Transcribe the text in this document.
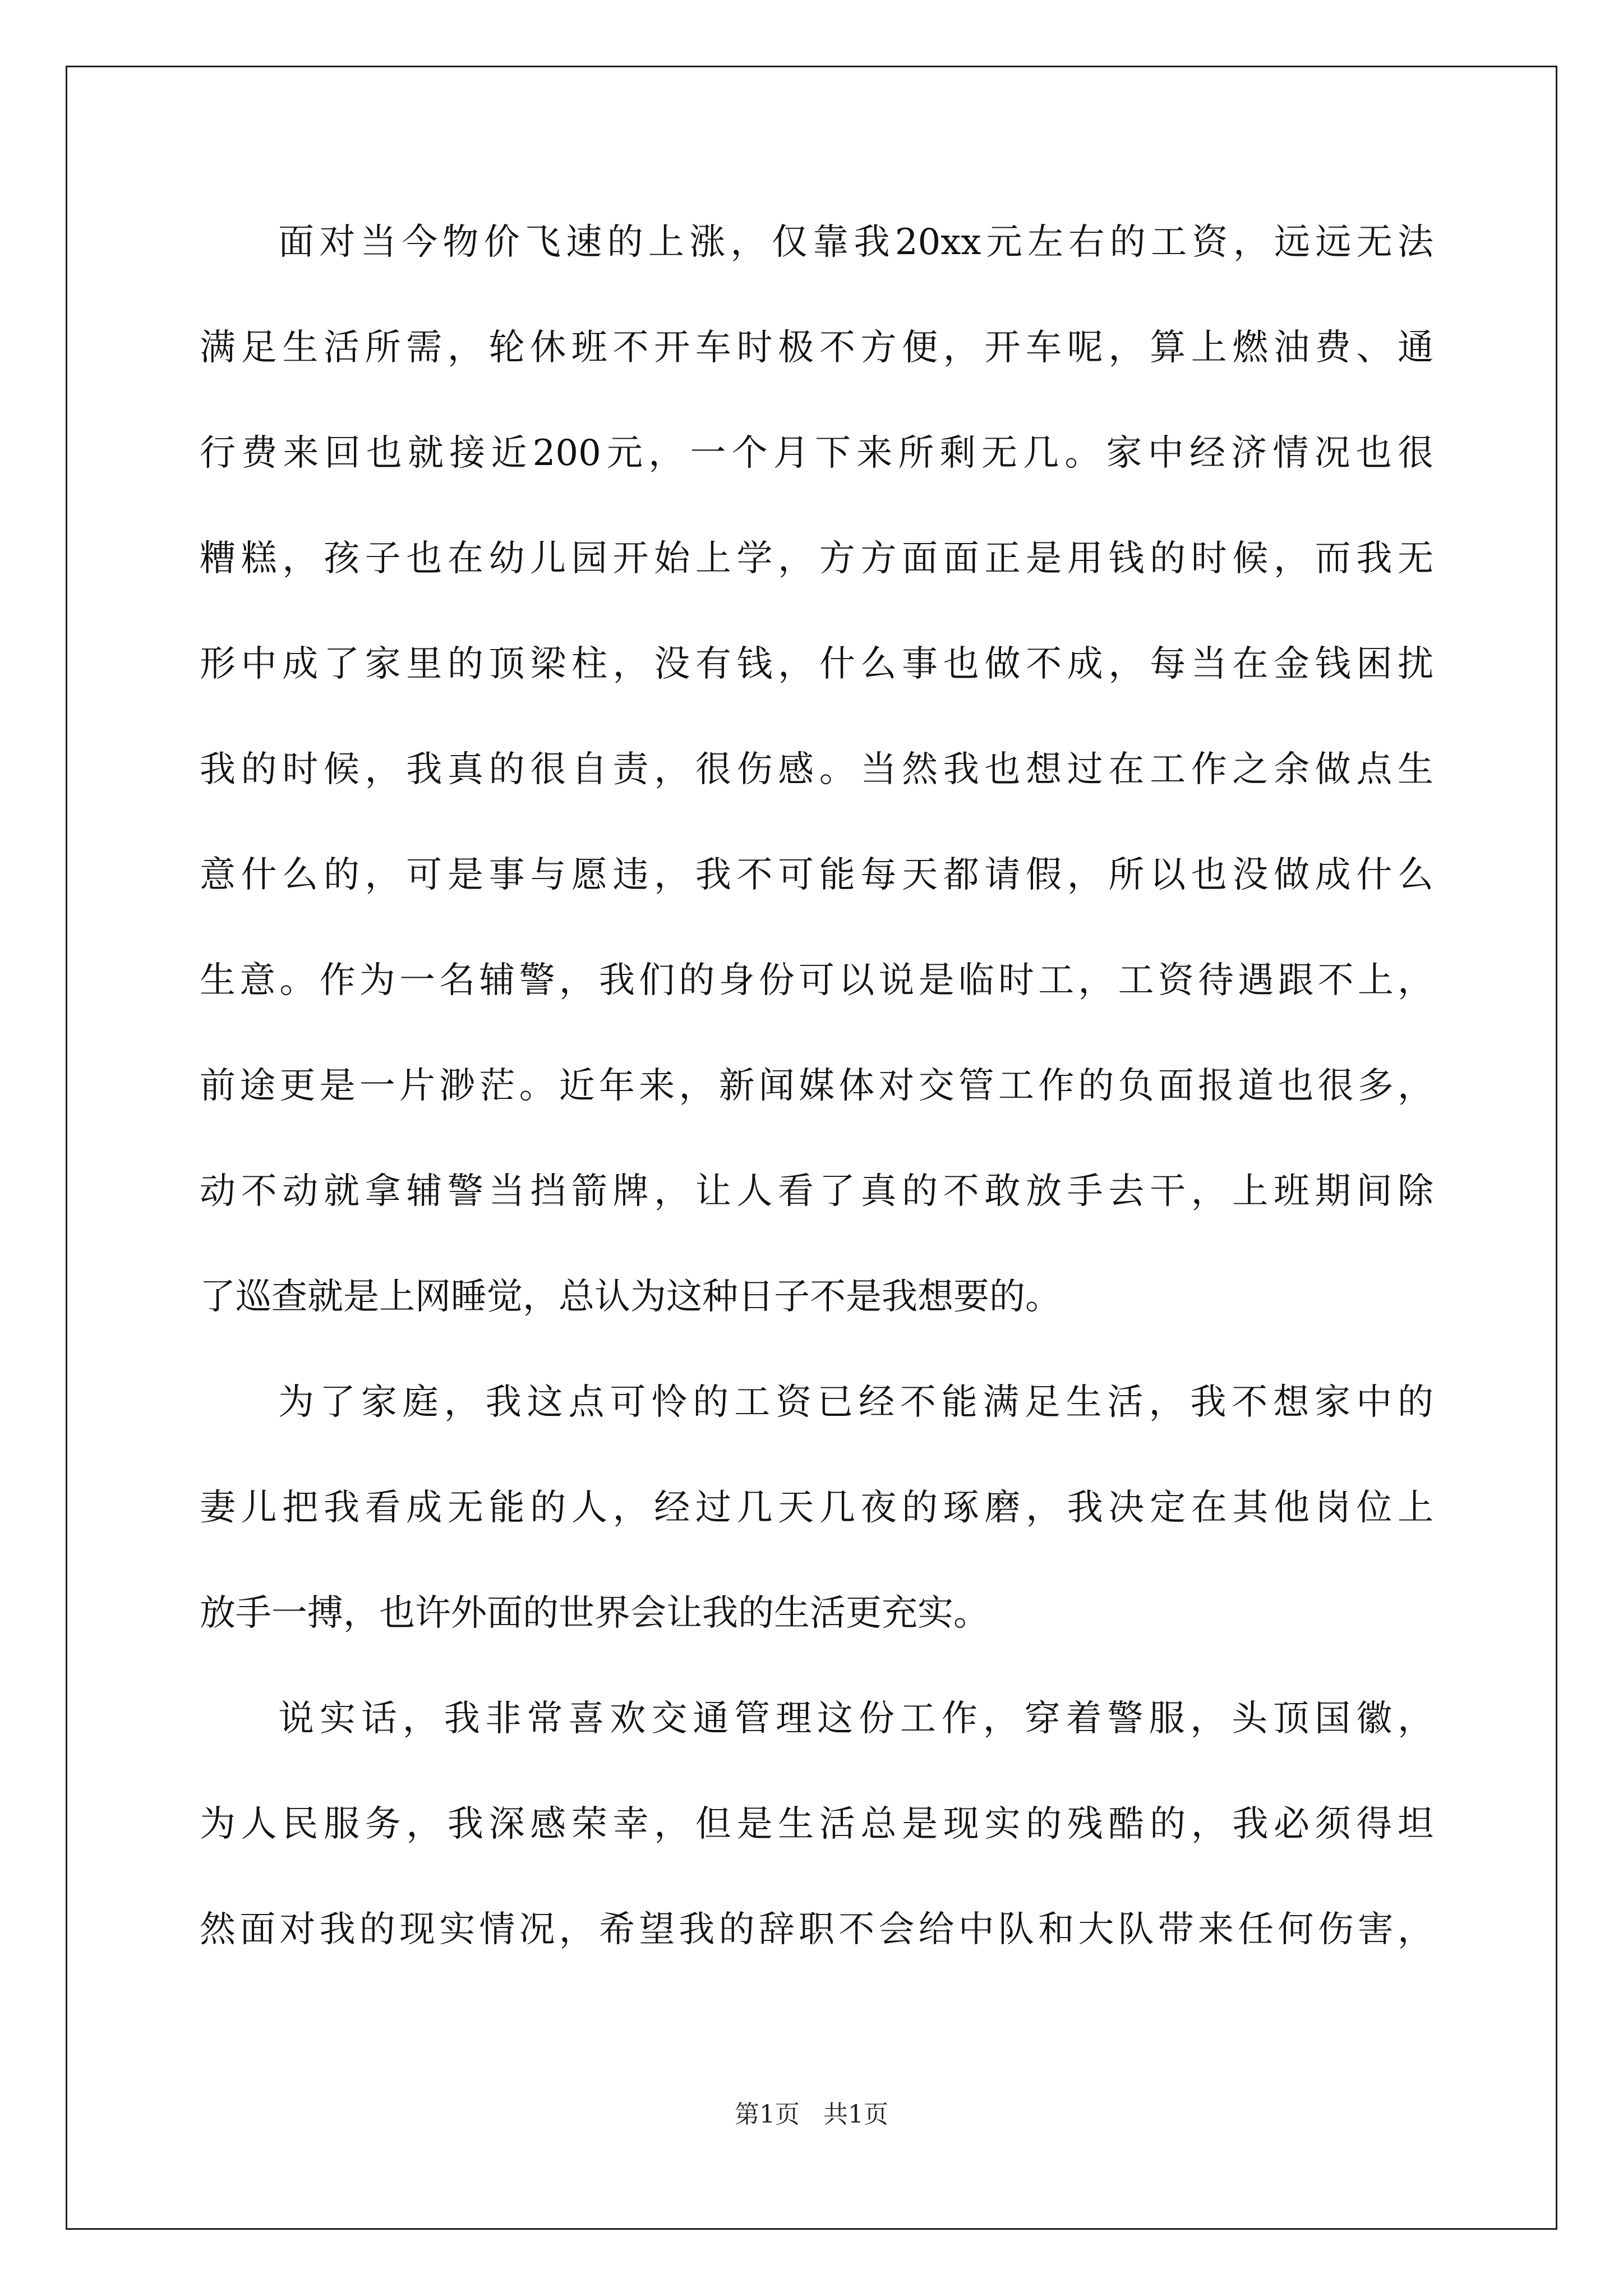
面对当今物价飞速的上涨，仅靠我20xx元左右的工资，远远无法
满足生活所需，轮休班不开车时极不方便，开车呢，算上燃油费、通
行费来回也就接近200元，一个月下来所剩无几。家中经济情况也很
糟糕，孩子也在幼儿园开始上学，方方面面正是用钱的时候，而我无
形中成了家里的顶梁柱，没有钱，什么事也做不成，每当在金钱困扰
我的时候，我真的很自责，很伤感。当然我也想过在工作之余做点生
意什么的，可是事与愿违，我不可能每天都请假，所以也没做成什么
生意。作为一名辅警，我们的身份可以说是临时工，工资待遇跟不上，
前途更是一片渺茫。近年来，新闻媒体对交管工作的负面报道也很多，
动不动就拿辅警当挡箭牌，让人看了真的不敢放手去干，上班期间除
了巡查就是上网睡觉，总认为这种日子不是我想要的。
为了家庭，我这点可怜的工资已经不能满足生活，我不想家中的
妻儿把我看成无能的人，经过几天几夜的琢磨，我决定在其他岗位上
放手一搏，也许外面的世界会让我的生活更充实。
说实话，我非常喜欢交通管理这份工作，穿着警服，头顶国徽，
为人民服务，我深感荣幸，但是生活总是现实的残酷的，我必须得坦
然面对我的现实情况，希望我的辞职不会给中队和大队带来任何伤害，
第1页   共1页
